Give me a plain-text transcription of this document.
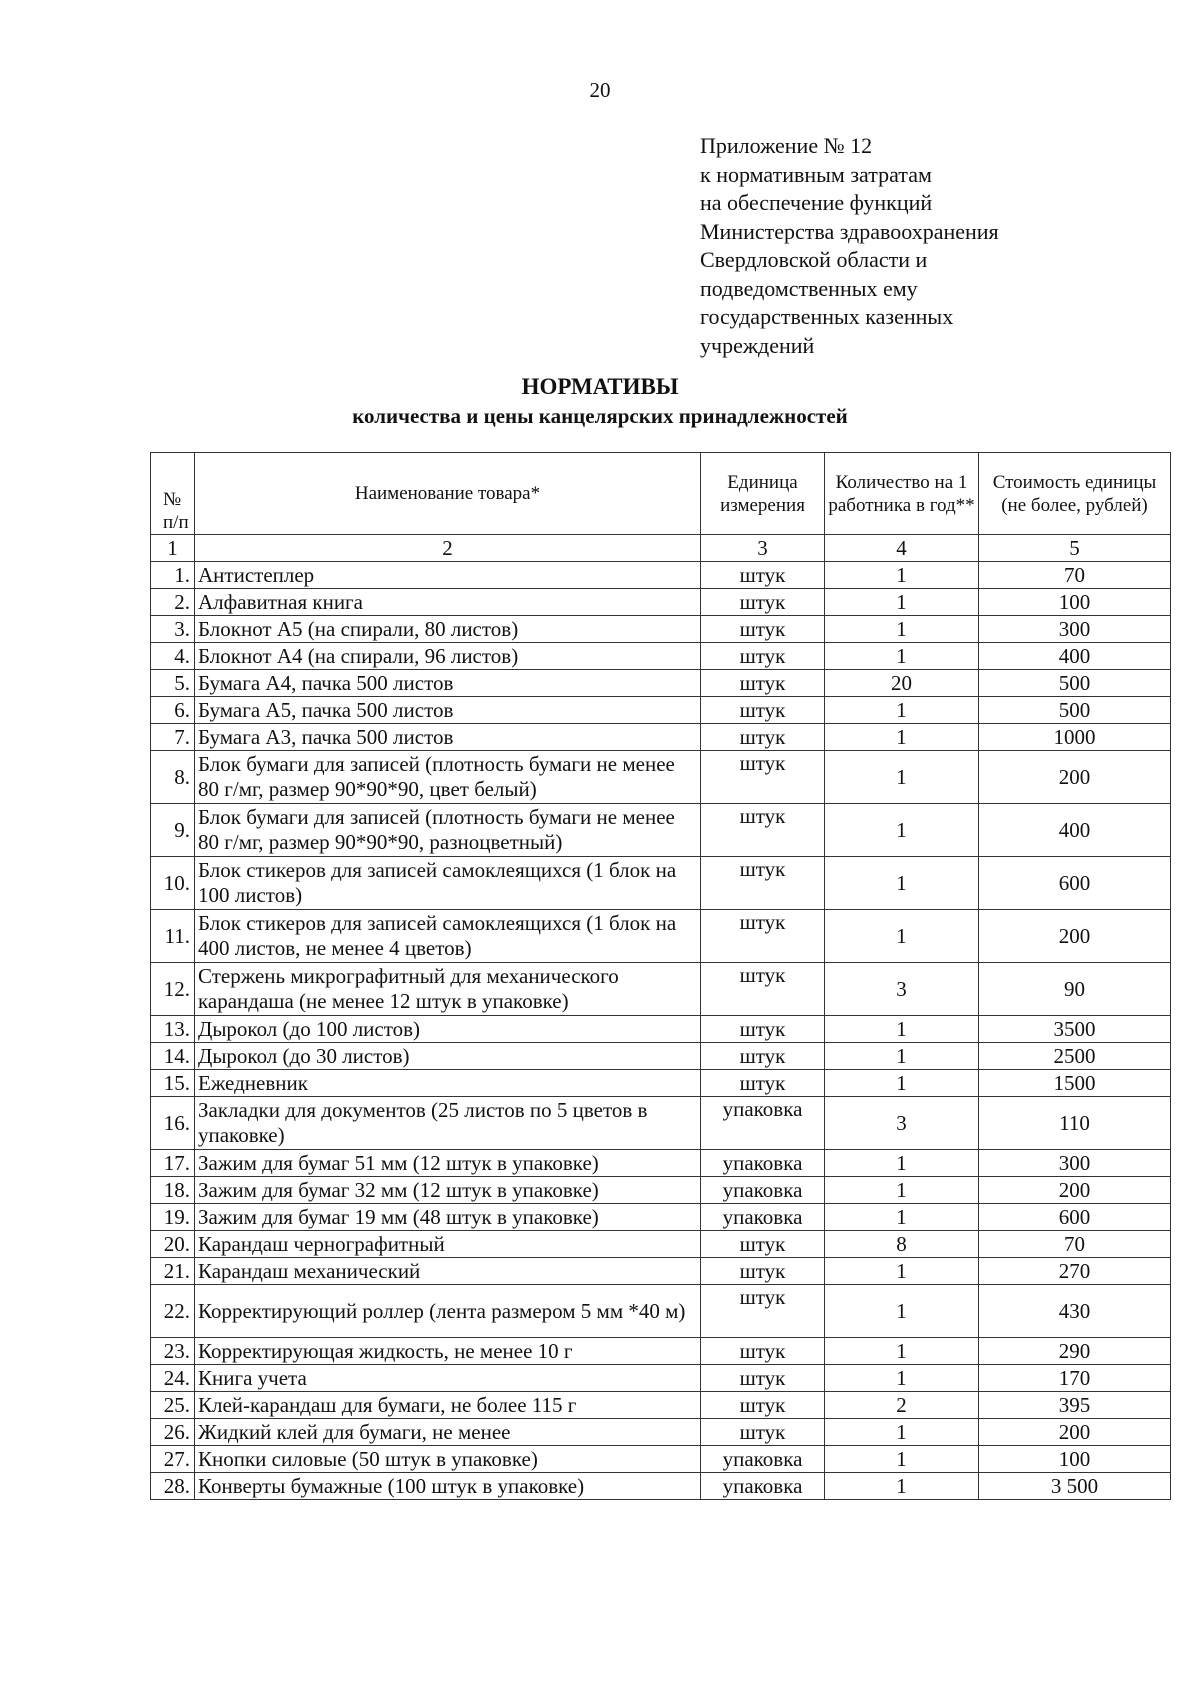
20
Приложение № 12
к нормативным затратам
на обеспечение функций
Министерства здравоохранения
Свердловской области и
подведомственных ему
государственных казенных
учреждений
НОРМАТИВЫ
количества и цены канцелярских принадлежностей
№ п/п	Наименование товара*	Единица измерения	Количество на 1 работника в год**	Стоимость единицы (не более, рублей)
1	2	3	4	5
1.	Антистеплер	штук	1	70
2.	Алфавитная книга	штук	1	100
3.	Блокнот А5 (на спирали, 80 листов)	штук	1	300
4.	Блокнот А4 (на спирали, 96 листов)	штук	1	400
5.	Бумага А4, пачка 500 листов	штук	20	500
6.	Бумага А5, пачка 500 листов	штук	1	500
7.	Бумага А3, пачка 500 листов	штук	1	1000
8.	Блок бумаги для записей (плотность бумаги не менее 80 г/мг, размер 90*90*90, цвет белый)	штук	1	200
9.	Блок бумаги для записей (плотность бумаги не менее 80 г/мг, размер 90*90*90, разноцветный)	штук	1	400
10.	Блок стикеров для записей самоклеящихся (1 блок на 100 листов)	штук	1	600
11.	Блок стикеров для записей самоклеящихся (1 блок на 400 листов, не менее 4 цветов)	штук	1	200
12.	Стержень микрографитный для механического карандаша (не менее 12 штук в упаковке)	штук	3	90
13.	Дырокол (до 100 листов)	штук	1	3500
14.	Дырокол (до 30 листов)	штук	1	2500
15.	Ежедневник	штук	1	1500
16.	Закладки для документов (25 листов по 5 цветов в упаковке)	упаковка	3	110
17.	Зажим для бумаг 51 мм (12 штук в упаковке)	упаковка	1	300
18.	Зажим для бумаг 32 мм (12 штук в упаковке)	упаковка	1	200
19.	Зажим для бумаг 19 мм (48 штук в упаковке)	упаковка	1	600
20.	Карандаш чернографитный	штук	8	70
21.	Карандаш механический	штук	1	270
22.	Корректирующий роллер (лента размером 5 мм *40 м)	штук	1	430
23.	Корректирующая жидкость, не менее 10 г	штук	1	290
24.	Книга учета	штук	1	170
25.	Клей-карандаш для бумаги, не более 115 г	штук	2	395
26.	Жидкий клей для бумаги, не менее	штук	1	200
27.	Кнопки силовые (50 штук в упаковке)	упаковка	1	100
28.	Конверты бумажные (100 штук в упаковке)	упаковка	1	3 500
